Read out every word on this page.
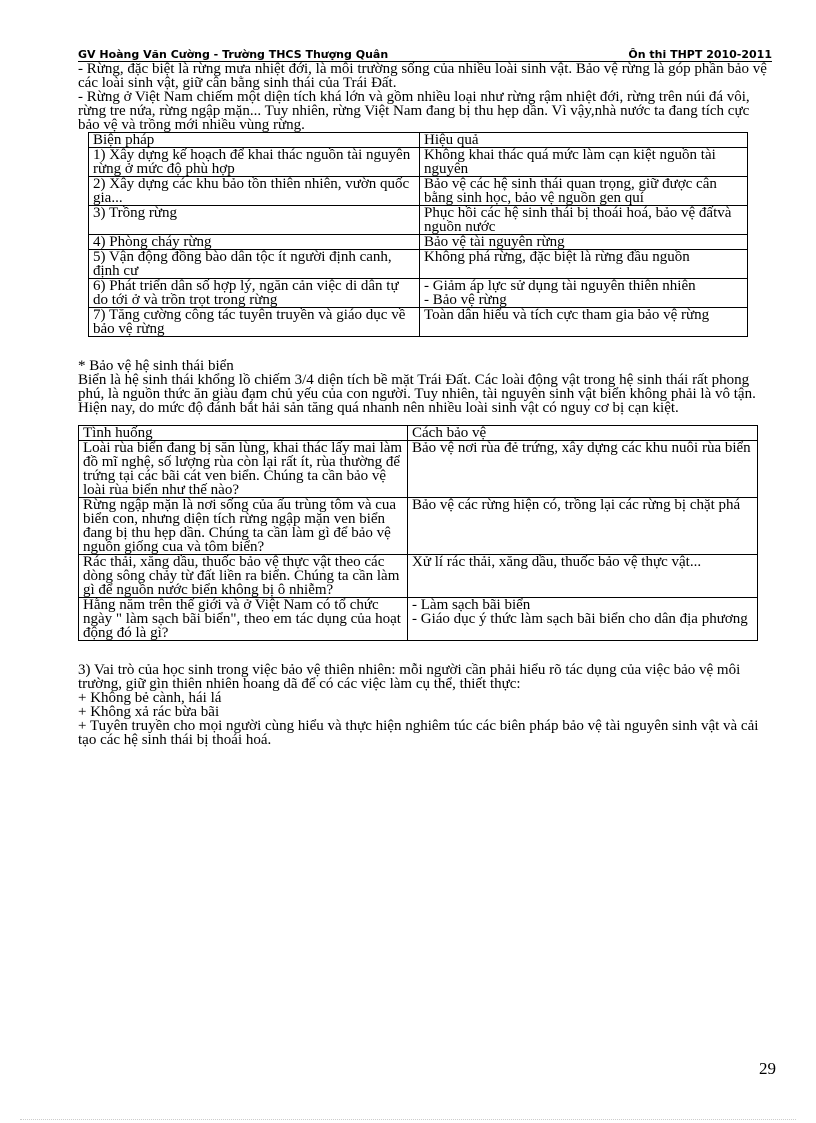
GV Hoàng Văn Cường - Trường THCS Thượng Quân	Ôn thi THPT 2010-2011

- Rừng, đặc biệt là rừng mưa nhiệt đới, là môi trường sống của nhiều loài sinh vật. Bảo vệ rừng là góp phần bảo vệ các loài sinh vật, giữ cân bằng sinh thái của Trái Đất.

- Rừng ở Việt Nam chiếm một diện tích khá lớn và gồm nhiều loại như rừng rậm nhiệt đới, rừng trên núi đá vôi, rừng tre nứa, rừng ngập mặn... Tuy nhiên, rừng Việt Nam đang bị thu hẹp dần. Vì vậy,nhà nước ta đang tích cực bảo vệ và trồng mới nhiều vùng rừng.

Biện pháp	Hiệu quả
1) Xây dựng kế hoạch để khai thác nguồn tài nguyên rừng ở mức độ phù hợp	Không khai thác quá mức làm cạn kiệt nguồn tài nguyên
2) Xây dựng các khu bảo tồn thiên nhiên, vườn quốc gia...	Bảo vệ các hệ sinh thái quan trọng, giữ được cân bằng sinh học, bảo vệ nguồn gen quí
3) Trồng rừng	Phục hồi các hệ sinh thái bị thoái hoá, bảo vệ đấtvà nguồn nước
4) Phòng cháy rừng	Bảo vệ tài nguyên rừng
5) Vận động đồng bào dân tộc ít người định canh, định cư	Không phá rừng, đặc biệt là rừng đầu nguồn
6) Phát triển dân số hợp lý, ngăn cản việc di dân tự do tới ở và trồn trọt trong rừng	- Giảm áp lực sử dụng tài nguyên thiên nhiên
- Bảo vệ rừng
7) Tăng cường công tác tuyên truyền và giáo dục về bảo vệ rừng	Toàn dân hiểu và tích cực tham gia bảo vệ rừng

* Bảo vệ hệ sinh thái biển

Biển là hệ sinh thái khổng lồ chiếm 3/4 diện tích bề mặt Trái Đất. Các loài động vật trong hệ sinh thái rất phong phú, là nguồn thức ăn giàu đạm chủ yếu của con người. Tuy nhiên, tài nguyên sinh vật biển không phải là vô tận. Hiện nay, do mức độ đánh bắt hải sản tăng quá nhanh nên nhiều loài sinh vật có nguy cơ bị cạn kiệt.

Tình huống	Cách bảo vệ
Loài rùa biển đang bị săn lùng, khai thác lấy mai làm đồ mĩ nghệ, số lượng rùa còn lại rất ít, rùa thường để trứng tại các bãi cát ven biển. Chúng ta cần bảo vệ loài rùa biển như thế nào?	Bảo vệ nơi rùa đẻ trứng, xây dựng các khu nuôi rùa biển
Rừng ngập mặn là nơi sống của ấu trùng tôm và cua biển con, nhưng diện tích rừng ngập mặn ven biển đang bị thu hẹp dần. Chúng ta cần làm gì để bảo vệ nguồn giống cua và tôm biển?	Bảo vệ các rừng hiện có, trồng lại các rừng bị chặt phá
Rác thải, xăng dầu, thuốc bảo vệ thực vật theo các dòng sông chảy từ đất liền ra biển. Chúng ta cần làm gì để nguồn nước biển không bị ô nhiễm?	Xử lí rác thải, xăng dầu, thuốc bảo vệ thực vật...
Hằng năm trên thế giới và ở Việt Nam có tổ chức ngày " làm sạch bãi biển", theo em tác dụng của hoạt động đó là gì?	- Làm sạch bãi biển
- Giáo dục ý thức làm sạch bãi biển cho dân địa phương

3) Vai trò của học sinh trong việc bảo vệ thiên nhiên: mỗi người cần phải hiểu rõ tác dụng của việc bảo vệ môi trường, giữ gìn thiên nhiên hoang dã để có các việc làm cụ thể, thiết thực:

+ Không bẻ cành, hái lá

+ Không xả rác bừa bãi

+ Tuyên truyền cho mọi người cùng hiểu và thực hiện nghiêm túc các biên pháp bảo vệ tài nguyên sinh vật và cải tạo các hệ sinh thái bị thoái hoá.

29
